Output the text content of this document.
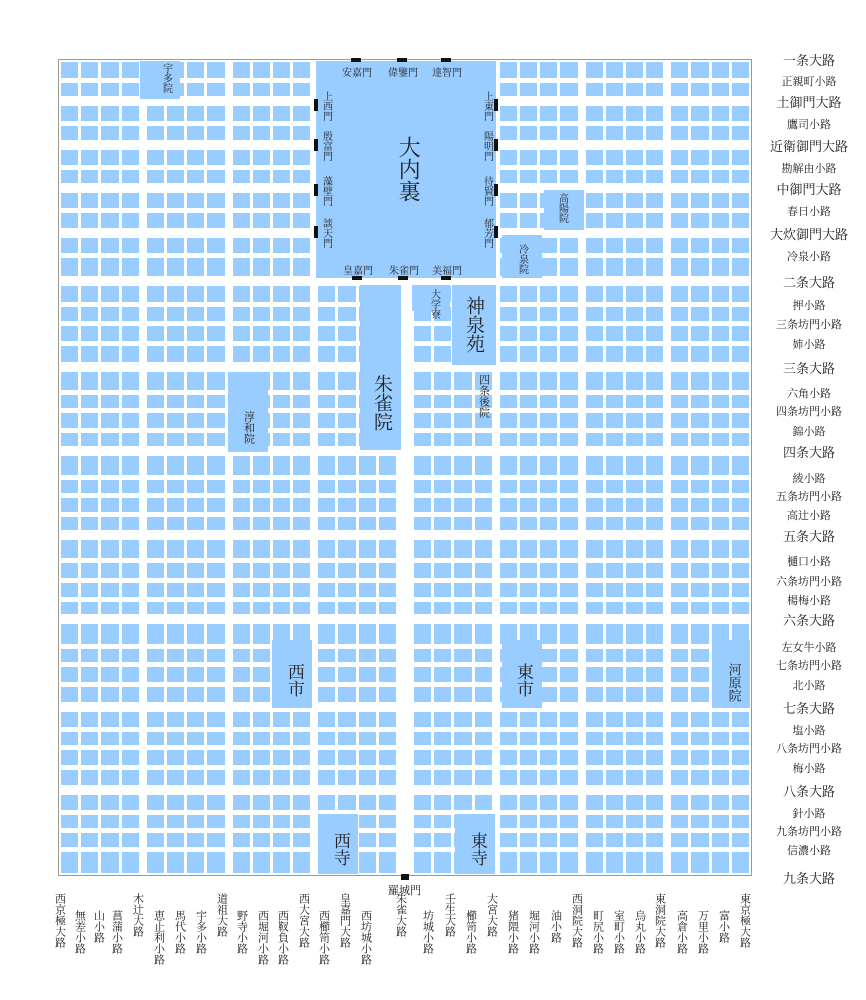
大内裏
安嘉門 偉鑒門 達智門
皇嘉門 朱雀門 美福門
上西門
殷富門
藻壁門
談天門
上東門
陽明門
待賢門
郁芳門
羅城門
神泉苑
朱雀院
大学寮
四条後院
西市	東市
西寺	東寺
河原院
淳和院
宇多院
高陽院
冷泉院
一条大路
正親町小路
土御門大路
鷹司小路
近衛御門大路
勘解由小路
中御門大路
春日小路
大炊御門大路
冷泉小路
二条大路
押小路
三条坊門小路
姉小路
三条大路
六角小路
四条坊門小路
錦小路
四条大路
綾小路
五条坊門小路
高辻小路
五条大路
樋口小路
六条坊門小路
楊梅小路
六条大路
左女牛小路
七条坊門小路
北小路
七条大路
塩小路
八条坊門小路
梅小路
八条大路
針小路
九条坊門小路
信濃小路
九条大路
西京極大路 無差小路 山小路 菖蒲小路 木辻大路 恵止利小路 馬代小路 宇多小路 道祖大路 野寺小路 西堀河小路 西靫負小路 西大宮大路 西櫛笥小路 皇嘉門大路 西坊城小路 朱雀大路 坊城小路 壬生大路 櫛笥小路 大宮大路 猪隈小路 堀河小路 油小路 西洞院大路 町尻小路 室町小路 烏丸小路 東洞院大路 高倉小路 万里小路 富小路 東京極大路
